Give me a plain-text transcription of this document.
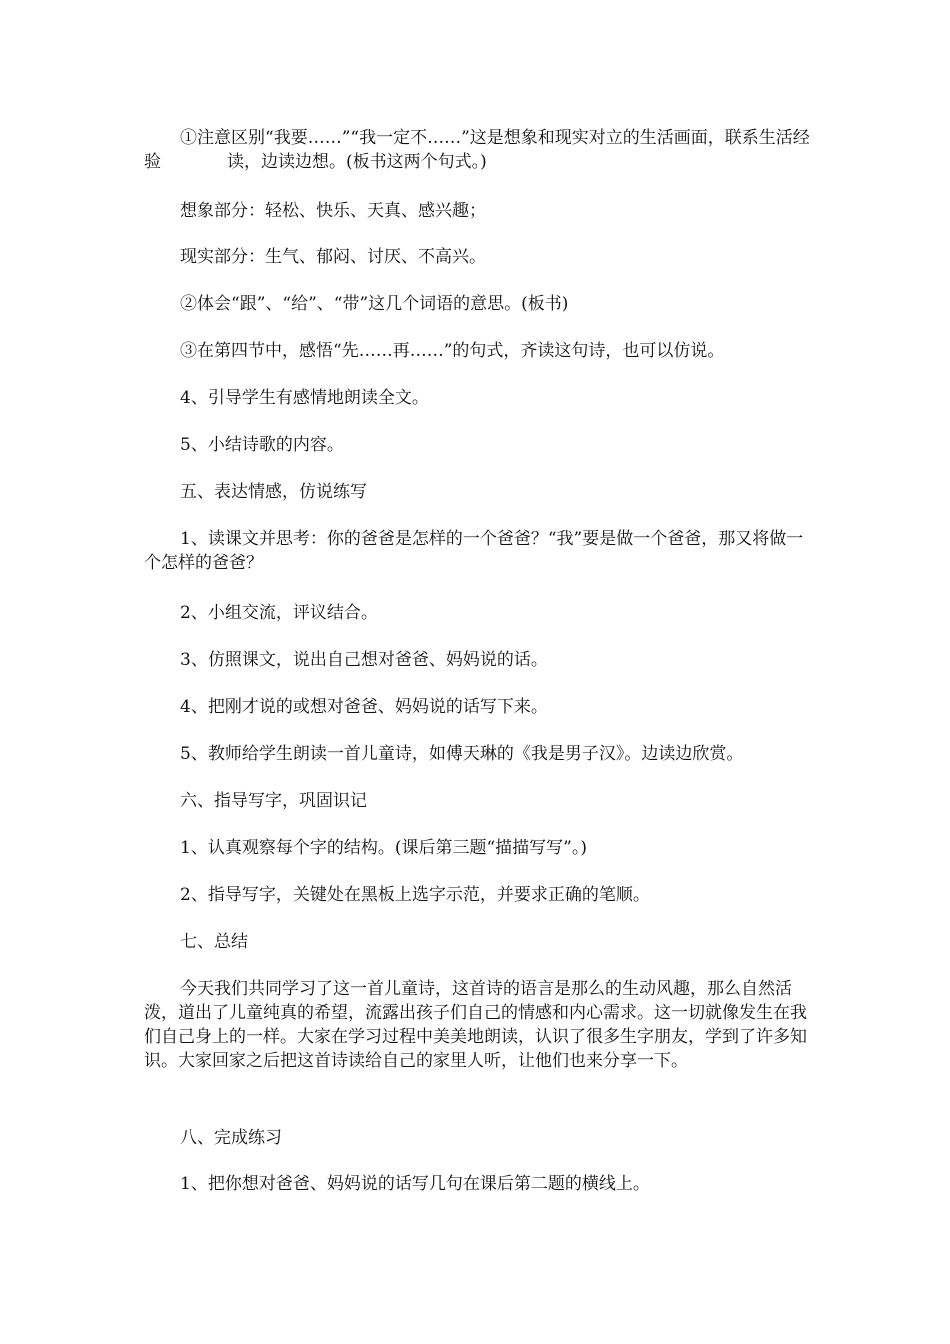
①注意区别“我要……”“我一定不……”这是想象和现实对立的生活画面，联系生活经验	读，边读边想。(板书这两个句式。)

想象部分：轻松、快乐、天真、感兴趣；

现实部分：生气、郁闷、讨厌、不高兴。

②体会“跟”、“给”、“带”这几个词语的意思。(板书)

③在第四节中，感悟“先……再……”的句式，齐读这句诗，也可以仿说。

4、引导学生有感情地朗读全文。

5、小结诗歌的内容。

五、表达情感，仿说练写

1、读课文并思考：你的爸爸是怎样的一个爸爸？“我”要是做一个爸爸，那又将做一个怎样的爸爸？

2、小组交流，评议结合。

3、仿照课文，说出自己想对爸爸、妈妈说的话。

4、把刚才说的或想对爸爸、妈妈说的话写下来。

5、教师给学生朗读一首儿童诗，如傅天琳的《我是男子汉》。边读边欣赏。

六、指导写字，巩固识记

1、认真观察每个字的结构。(课后第三题“描描写写”。)

2、指导写字，关键处在黑板上选字示范，并要求正确的笔顺。

七、总结

今天我们共同学习了这一首儿童诗，这首诗的语言是那么的生动风趣，那么自然活泼，道出了儿童纯真的希望，流露出孩子们自己的情感和内心需求。这一切就像发生在我们自己身上的一样。大家在学习过程中美美地朗读，认识了很多生字朋友，学到了许多知识。大家回家之后把这首诗读给自己的家里人听，让他们也来分享一下。

八、完成练习

1、把你想对爸爸、妈妈说的话写几句在课后第二题的横线上。
